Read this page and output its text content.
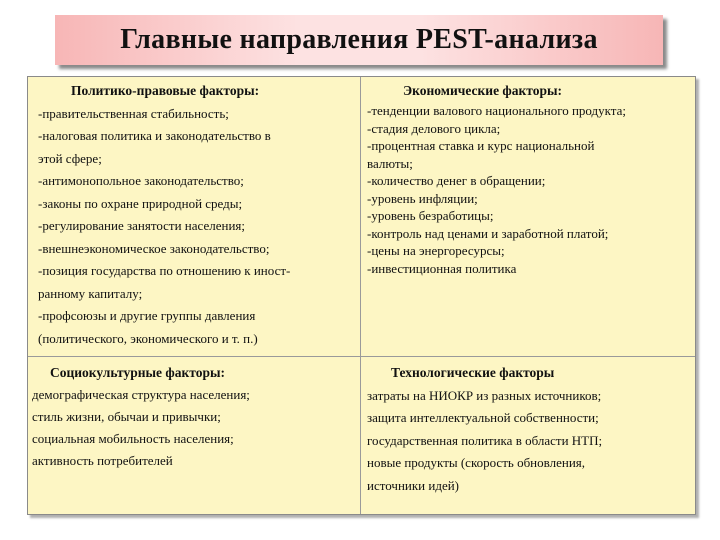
Главные направления PEST-анализа
Политико-правовые факторы:
-правительственная стабильность;
-налоговая политика и законодательство в
этой сфере;
-антимонопольное законодательство;
-законы по охране природной среды;
-регулирование занятости населения;
-внешнеэкономическое законодательство;
-позиция государства по отношению к иност-
ранному капиталу;
-профсоюзы и другие группы давления
(политического, экономического и т. п.)
Экономические факторы:
-тенденции валового национального продукта;
-стадия делового цикла;
-процентная ставка и курс национальной
валюты;
-количество денег в обращении;
-уровень инфляции;
-уровень безработицы;
-контроль над ценами и заработной платой;
-цены на энергоресурсы;
-инвестиционная политика
Социокультурные факторы:
демографическая структура населения;
стиль жизни, обычаи и привычки;
социальная мобильность населения;
активность потребителей
Технологические факторы
затраты на НИОКР из разных источников;
защита интеллектуальной собственности;
государственная политика в области НТП;
новые продукты (скорость обновления,
источники идей)
